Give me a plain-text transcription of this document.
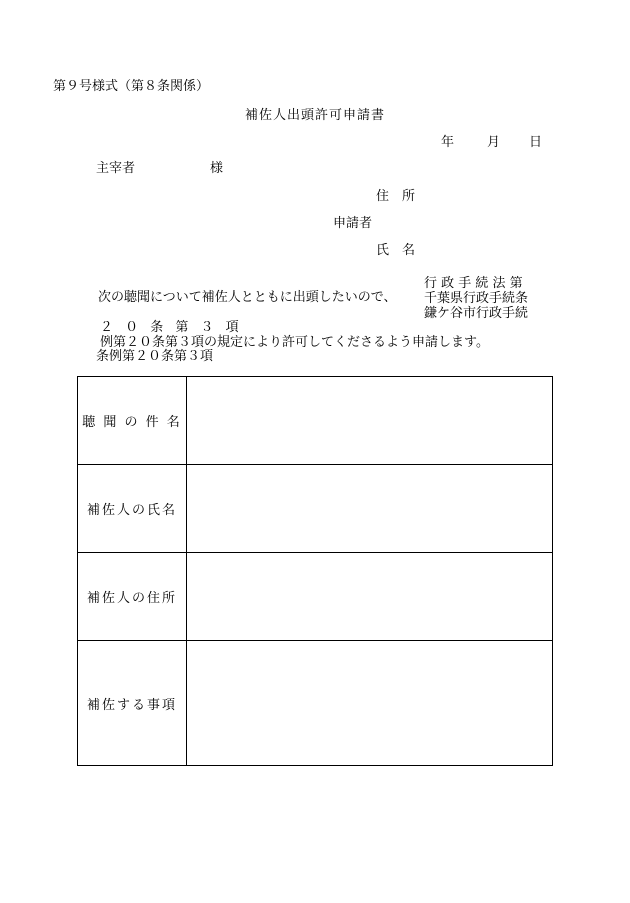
第９号様式（第８条関係）
補佐人出頭許可申請書
年	月 日
主宰者	様
住　所
申請者
氏　名
行 政 手 続 法 第
千葉県行政手続条
鎌ケ谷市行政手続
次の聴聞について補佐人とともに出頭したいので、
２ ０ 条 第 ３ 項
例第２０条第３項の規定により許可してくださるよう申請します。
条例第２０条第３項
聴 聞 の 件 名	
補佐人の氏名	
補佐人の住所	
補佐する事項	
